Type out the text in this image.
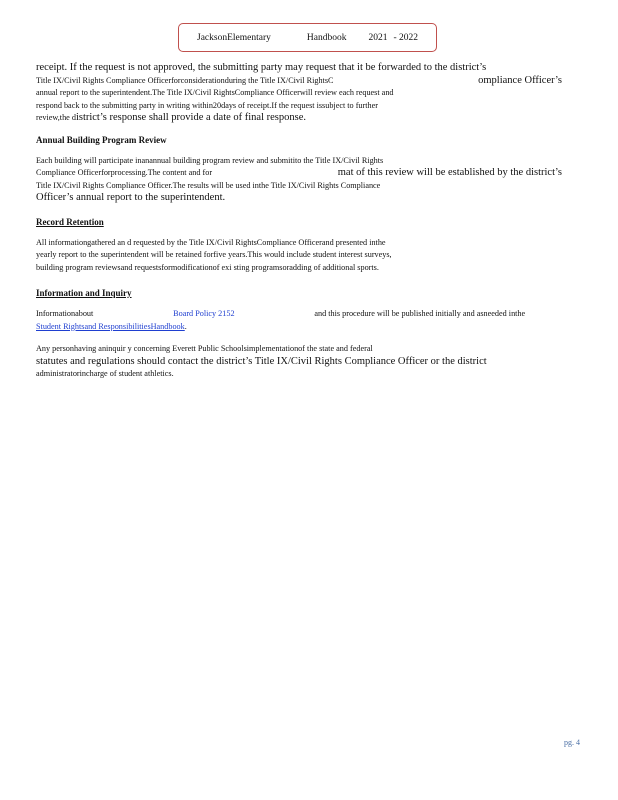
JacksonElementary
	Handbook
2021
- 2022
receipt. If the request is not approved, the submitting party may request that it be forwarded to the district’s
Title IX/Civil Rights Compliance Officerforconsiderationduring the Title IX/Civil RightsC	ompliance Officer’s
annual report to the superintendent.The Title IX/Civil RightsCompliance Officerwill review each request and
respond back to the submitting party in writing within20days of receipt.If the request issubject to further
review,the d istrict’s response shall provide a date of final response.
Annual Building Program Review
Each building will participate inanannual building program review and submitito the Title IX/Civil Rights
Compliance Officerforprocessing.The content and for	mat of this review will be established by the district’s
Title IX/Civil Rights Compliance Officer.The results will be used inthe Title IX/Civil Rights Compliance
Officer’s annual report to the superintendent.
Record Retention
All informationgathered an d requested by the Title IX/Civil RightsCompliance Officerand presented inthe
yearly report to the superintendent will be retained forfive years.This would include student interest surveys,
building program reviewsand requestsformodificationof exi sting programsoradding of additional sports.
Information and Inquiry
Informationabout	Board Policy 2152	and this procedure will be published initially and asneeded inthe
Student Rightsand ResponsibilitiesHandbook .
Any personhaving aninquir y concerning Everett Public Schoolsimplementationof the state and federal
statutes and regulations should contact the district’s Title IX/Civil Rights Compliance Officer or the district
administratorincharge of student athletics.
pg. 4
